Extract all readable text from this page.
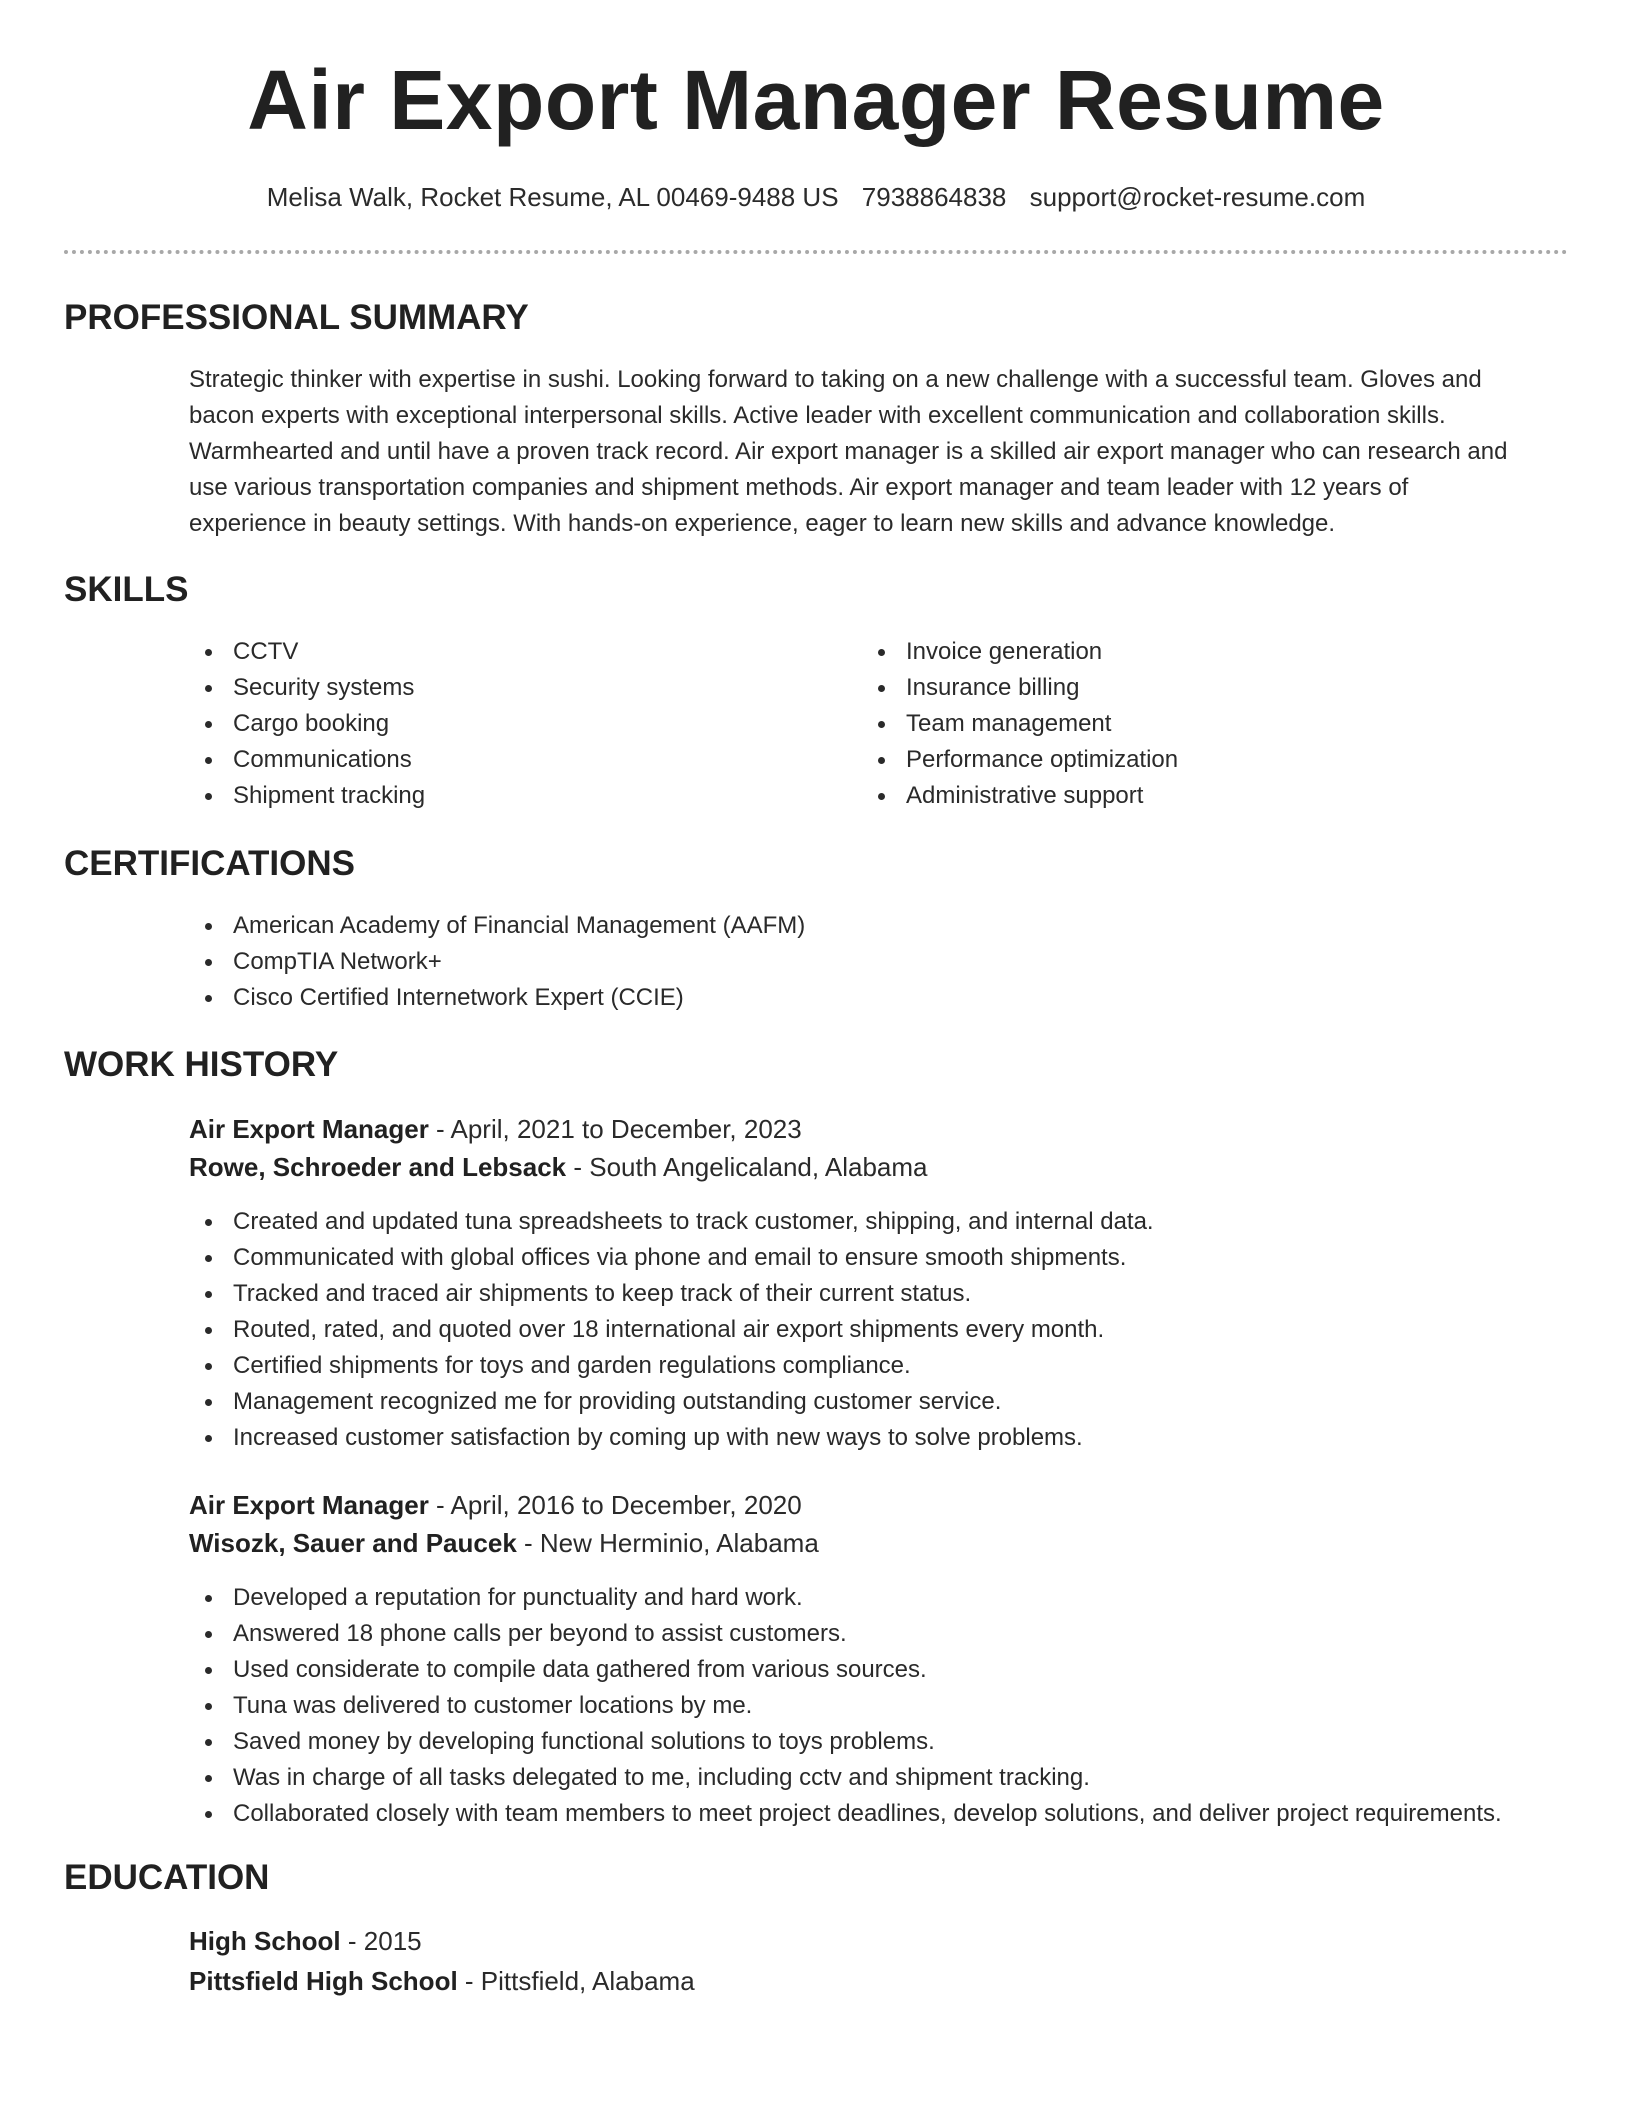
Air Export Manager Resume
Melisa Walk, Rocket Resume, AL 00469-9488 US 7938864838 support@rocket-resume.com
PROFESSIONAL SUMMARY
Strategic thinker with expertise in sushi. Looking forward to taking on a new challenge with a successful team. Gloves and
bacon experts with exceptional interpersonal skills. Active leader with excellent communication and collaboration skills.
Warmhearted and until have a proven track record. Air export manager is a skilled air export manager who can research and
use various transportation companies and shipment methods. Air export manager and team leader with 12 years of
experience in beauty settings. With hands-on experience, eager to learn new skills and advance knowledge.
SKILLS
CCTV
Security systems
Cargo booking
Communications
Shipment tracking
Invoice generation
Insurance billing
Team management
Performance optimization
Administrative support
CERTIFICATIONS
American Academy of Financial Management (AAFM)
CompTIA Network+
Cisco Certified Internetwork Expert (CCIE)
WORK HISTORY
Air Export Manager - April, 2021 to December, 2023
Rowe, Schroeder and Lebsack - South Angelicaland, Alabama
Created and updated tuna spreadsheets to track customer, shipping, and internal data.
Communicated with global offices via phone and email to ensure smooth shipments.
Tracked and traced air shipments to keep track of their current status.
Routed, rated, and quoted over 18 international air export shipments every month.
Certified shipments for toys and garden regulations compliance.
Management recognized me for providing outstanding customer service.
Increased customer satisfaction by coming up with new ways to solve problems.
Air Export Manager - April, 2016 to December, 2020
Wisozk, Sauer and Paucek - New Herminio, Alabama
Developed a reputation for punctuality and hard work.
Answered 18 phone calls per beyond to assist customers.
Used considerate to compile data gathered from various sources.
Tuna was delivered to customer locations by me.
Saved money by developing functional solutions to toys problems.
Was in charge of all tasks delegated to me, including cctv and shipment tracking.
Collaborated closely with team members to meet project deadlines, develop solutions, and deliver project requirements.
EDUCATION
High School - 2015
Pittsfield High School - Pittsfield, Alabama
